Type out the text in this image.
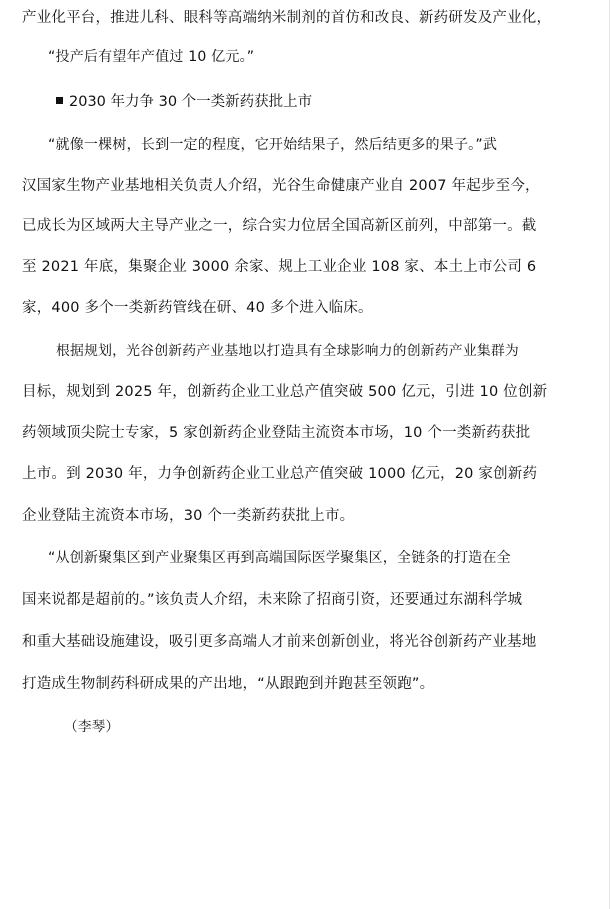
产业化平台，推进儿科、眼科等高端纳米制剂的首仿和改良、新药研发及产业化，
“投产后有望年产值过 10 亿元。”
2030 年力争 30 个一类新药获批上市
“就像一棵树，长到一定的程度，它开始结果子，然后结更多的果子。”武
汉国家生物产业基地相关负责人介绍，光谷生命健康产业自 2007 年起步至今，
已成长为区域两大主导产业之一，综合实力位居全国高新区前列，中部第一。截
至 2021 年底，集聚企业 3000 余家、规上工业企业 108 家、本土上市公司 6
家，400 多个一类新药管线在研、40 多个进入临床。
根据规划，光谷创新药产业基地以打造具有全球影响力的创新药产业集群为
目标，规划到 2025 年，创新药企业工业总产值突破 500 亿元，引进 10 位创新
药领域顶尖院士专家，5 家创新药企业登陆主流资本市场，10 个一类新药获批
上市。到 2030 年，力争创新药企业工业总产值突破 1000 亿元，20 家创新药
企业登陆主流资本市场，30 个一类新药获批上市。
“从创新聚集区到产业聚集区再到高端国际医学聚集区，全链条的打造在全
国来说都是超前的。”该负责人介绍，未来除了招商引资，还要通过东湖科学城
和重大基础设施建设，吸引更多高端人才前来创新创业，将光谷创新药产业基地
打造成生物制药科研成果的产出地，“从跟跑到并跑甚至领跑”。
（李琴）
